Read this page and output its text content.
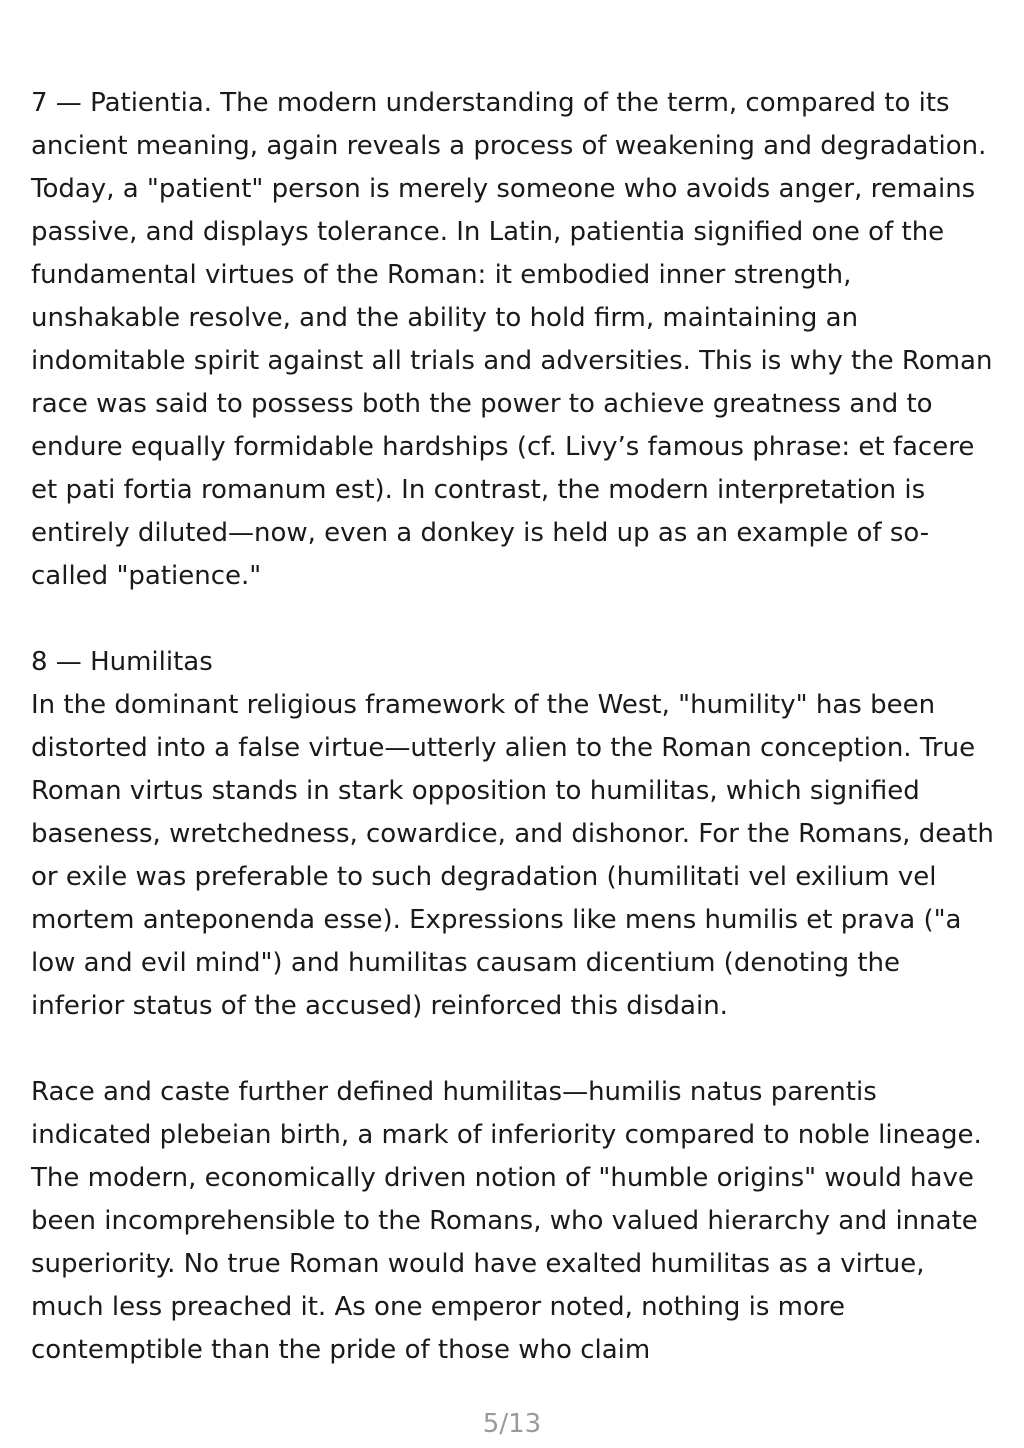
7 — Patientia. The modern understanding of the term, compared to its ancient meaning, again reveals a process of weakening and degradation. Today, a "patient" person is merely someone who avoids anger, remains passive, and displays tolerance. In Latin, patientia signified one of the fundamental virtues of the Roman: it embodied inner strength, unshakable resolve, and the ability to hold firm, maintaining an indomitable spirit against all trials and adversities. This is why the Roman race was said to possess both the power to achieve greatness and to endure equally formidable hardships (cf. Livy’s famous phrase: et facere et pati fortia romanum est). In contrast, the modern interpretation is entirely diluted—now, even a donkey is held up as an example of so-called "patience."

8 — Humilitas

In the dominant religious framework of the West, "humility" has been distorted into a false virtue—utterly alien to the Roman conception. True Roman virtus stands in stark opposition to humilitas, which signified baseness, wretchedness, cowardice, and dishonor. For the Romans, death or exile was preferable to such degradation (humilitati vel exilium vel mortem anteponenda esse). Expressions like mens humilis et prava ("a low and evil mind") and humilitas causam dicentium (denoting the inferior status of the accused) reinforced this disdain.

Race and caste further defined humilitas—humilis natus parentis indicated plebeian birth, a mark of inferiority compared to noble lineage. The modern, economically driven notion of "humble origins" would have been incomprehensible to the Romans, who valued hierarchy and innate superiority. No true Roman would have exalted humilitas as a virtue, much less preached it. As one emperor noted, nothing is more contemptible than the pride of those who claim

5/13
